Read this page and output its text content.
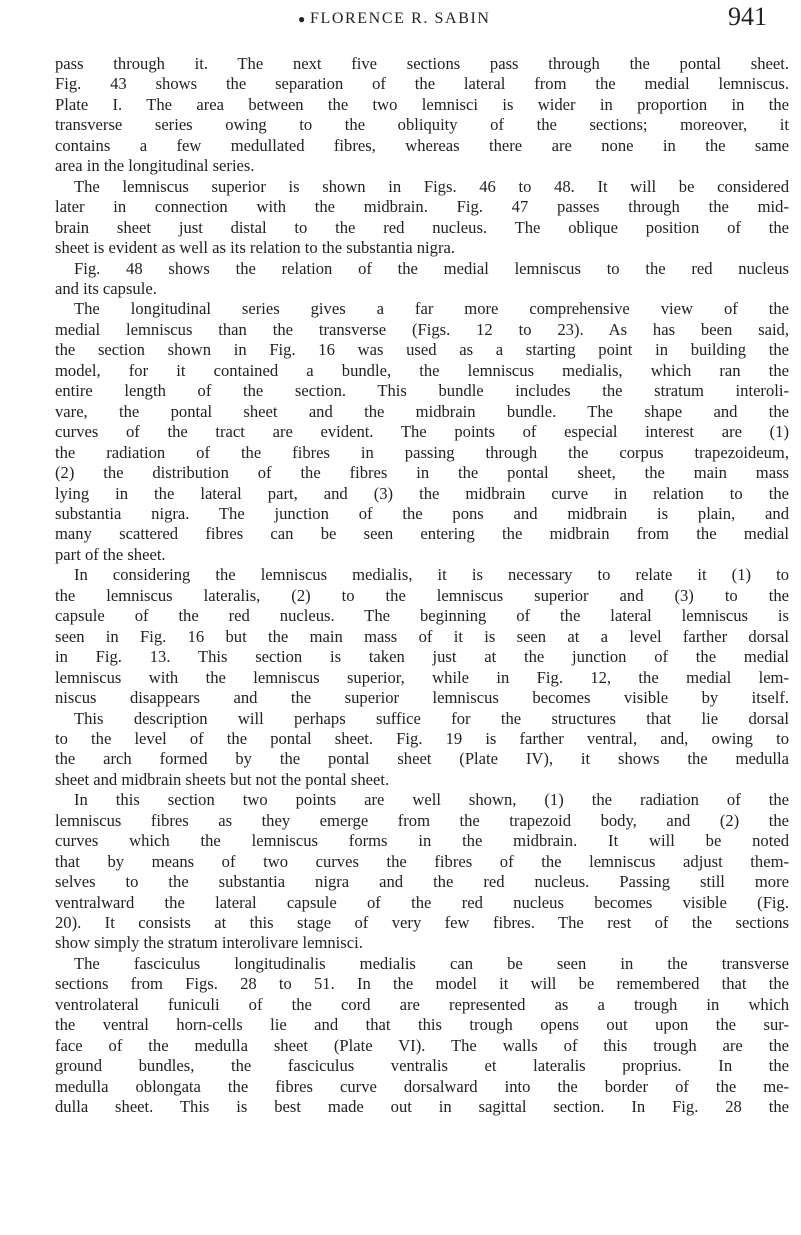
● FLORENCE R. SABIN	941
pass through it. The next five sections pass through the pontal sheet.
Fig. 43 shows the separation of the lateral from the medial lemniscus.
Plate I. The area between the two lemnisci is wider in proportion in the
transverse series owing to the obliquity of the sections; moreover, it
contains a few medullated fibres, whereas there are none in the same
area in the longitudinal series.
The lemniscus superior is shown in Figs. 46 to 48. It will be considered
later in connection with the midbrain. Fig. 47 passes through the mid-
brain sheet just distal to the red nucleus. The oblique position of the
sheet is evident as well as its relation to the substantia nigra.
Fig. 48 shows the relation of the medial lemniscus to the red nucleus
and its capsule.
The longitudinal series gives a far more comprehensive view of the
medial lemniscus than the transverse (Figs. 12 to 23). As has been said,
the section shown in Fig. 16 was used as a starting point in building the
model, for it contained a bundle, the lemniscus medialis, which ran the
entire length of the section. This bundle includes the stratum interoli-
vare, the pontal sheet and the midbrain bundle. The shape and the
curves of the tract are evident. The points of especial interest are (1)
the radiation of the fibres in passing through the corpus trapezoideum,
(2) the distribution of the fibres in the pontal sheet, the main mass
lying in the lateral part, and (3) the midbrain curve in relation to the
substantia nigra. The junction of the pons and midbrain is plain, and
many scattered fibres can be seen entering the midbrain from the medial
part of the sheet.
In considering the lemniscus medialis, it is necessary to relate it (1) to
the lemniscus lateralis, (2) to the lemniscus superior and (3) to the
capsule of the red nucleus. The beginning of the lateral lemniscus is
seen in Fig. 16 but the main mass of it is seen at a level farther dorsal
in Fig. 13. This section is taken just at the junction of the medial
lemniscus with the lemniscus superior, while in Fig. 12, the medial lem-
niscus disappears and the superior lemniscus becomes visible by itself.
This description will perhaps suffice for the structures that lie dorsal
to the level of the pontal sheet. Fig. 19 is farther ventral, and, owing to
the arch formed by the pontal sheet (Plate IV), it shows the medulla
sheet and midbrain sheets but not the pontal sheet.
In this section two points are well shown, (1) the radiation of the
lemniscus fibres as they emerge from the trapezoid body, and (2) the
curves which the lemniscus forms in the midbrain. It will be noted
that by means of two curves the fibres of the lemniscus adjust them-
selves to the substantia nigra and the red nucleus. Passing still more
ventralward the lateral capsule of the red nucleus becomes visible (Fig.
20). It consists at this stage of very few fibres. The rest of the sections
show simply the stratum interolivare lemnisci.
The fasciculus longitudinalis medialis can be seen in the transverse
sections from Figs. 28 to 51. In the model it will be remembered that the
ventrolateral funiculi of the cord are represented as a trough in which
the ventral horn-cells lie and that this trough opens out upon the sur-
face of the medulla sheet (Plate VI). The walls of this trough are the
ground bundles, the fasciculus ventralis et lateralis proprius. In the
medulla oblongata the fibres curve dorsalward into the border of the me-
dulla sheet. This is best made out in sagittal section. In Fig. 28 the
